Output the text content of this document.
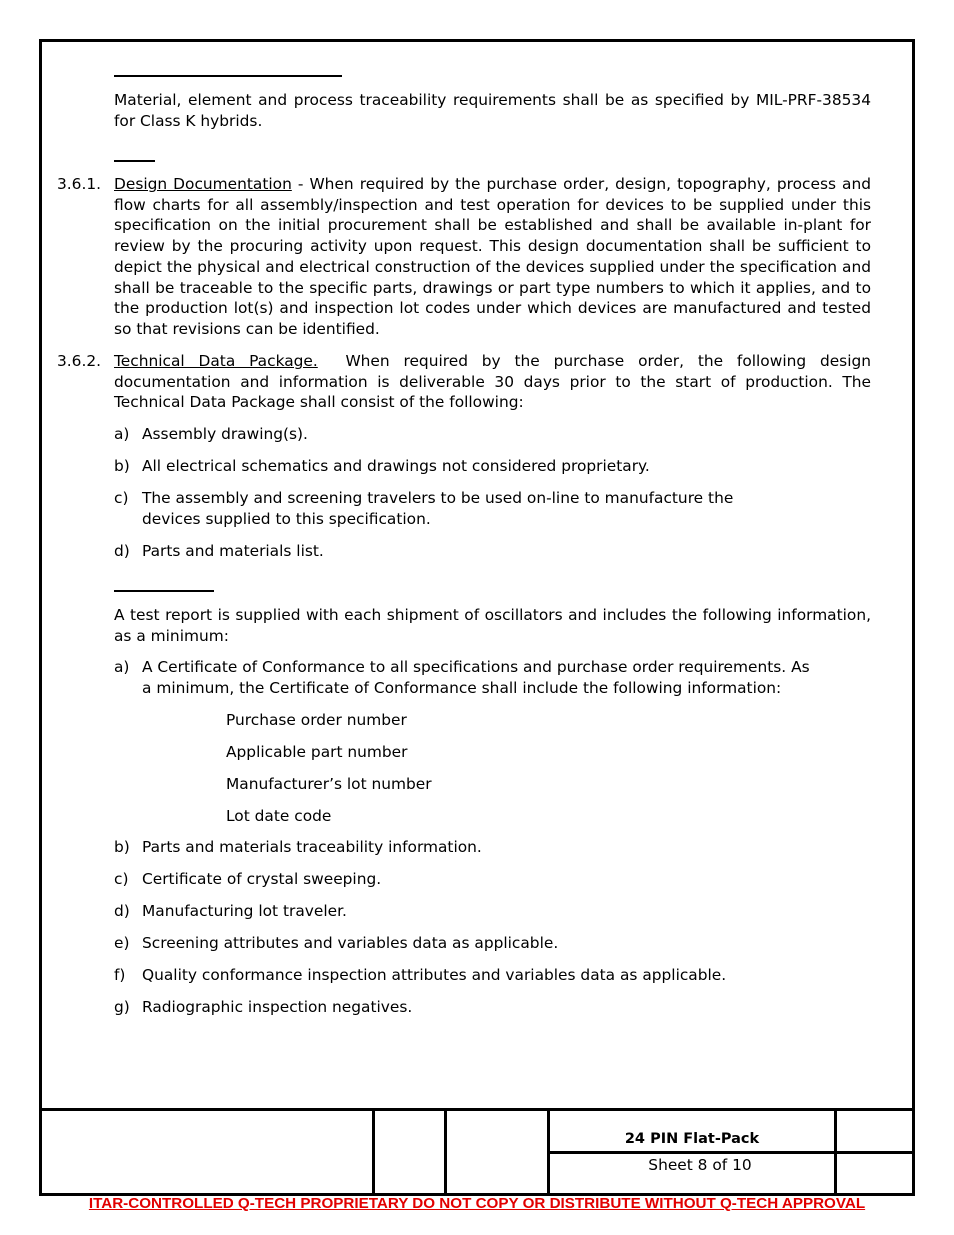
Material, element and process traceability requirements shall be as specified by MIL-PRF-38534 for Class K hybrids.
3.6.1. Design Documentation - When required by the purchase order, design, topography, process and flow charts for all assembly/inspection and test operation for devices to be supplied under this specification on the initial procurement shall be established and shall be available in-plant for review by the procuring activity upon request. This design documentation shall be sufficient to depict the physical and electrical construction of the devices supplied under the specification and shall be traceable to the specific parts, drawings or part type numbers to which it applies, and to the production lot(s) and inspection lot codes under which devices are manufactured and tested so that revisions can be identified.
3.6.2. Technical Data Package.  When required by the purchase order, the following design documentation and information is deliverable 30 days prior to the start of production. The Technical Data Package shall consist of the following:
a) Assembly drawing(s).
b) All electrical schematics and drawings not considered proprietary.
c) The assembly and screening travelers to be used on-line to manufacture the devices supplied to this specification.
d) Parts and materials list.
A test report is supplied with each shipment of oscillators and includes the following information, as a minimum:
a) A Certificate of Conformance to all specifications and purchase order requirements. As a minimum, the Certificate of Conformance shall include the following information:
Purchase order number
Applicable part number
Manufacturer’s lot number
Lot date code
b) Parts and materials traceability information.
c) Certificate of crystal sweeping.
d) Manufacturing lot traveler.
e) Screening attributes and variables data as applicable.
f)	Quality conformance inspection attributes and variables data as applicable.
g) Radiographic inspection negatives.
24 PIN Flat-Pack
Sheet 8 of 10
ITAR-CONTROLLED Q-TECH PROPRIETARY DO NOT COPY OR DISTRIBUTE WITHOUT Q-TECH APPROVAL
